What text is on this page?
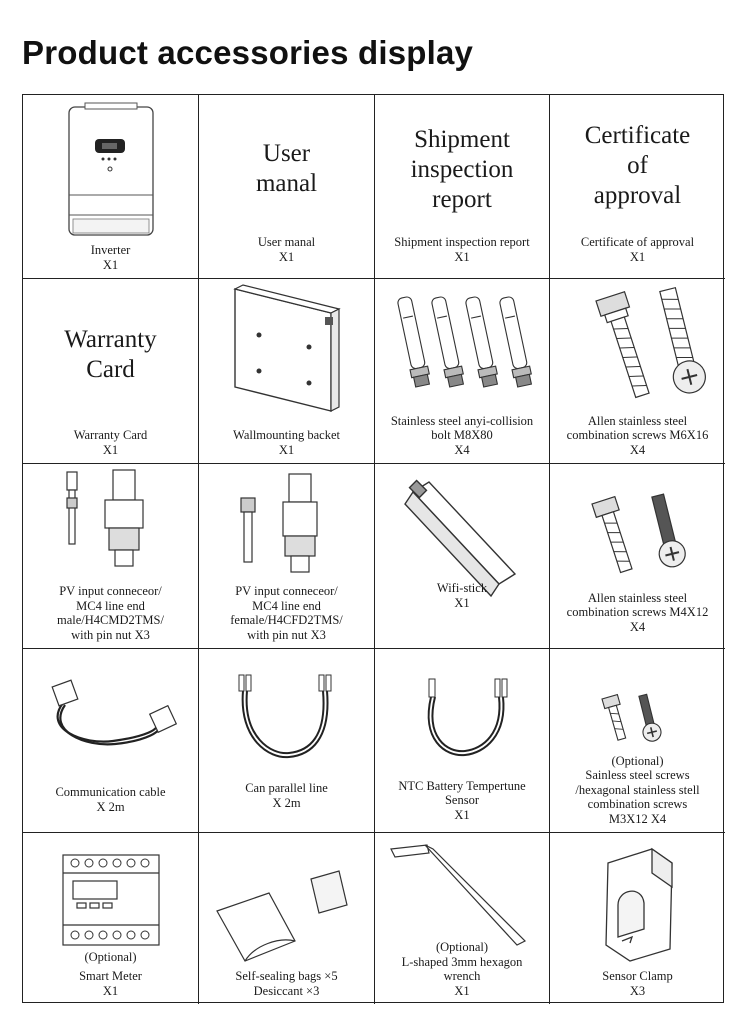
Product accessories display
Inverter
X1
User
manal
User manal
X1
Shipment
inspection
report
Shipment inspection report
X1
Certificate
of
approval
Certificate of approval
X1
Warranty
Card
Warranty Card
X1
Wallmounting backet
X1
Stainless steel anyi-collision
bolt M8X80
X4
Allen stainless steel
combination screws M6X16
X4
PV input conneceor/
MC4 line end
male/H4CMD2TMS/
with pin nut X3
PV input conneceor/
MC4 line end
female/H4CFD2TMS/
with pin nut X3
Wifi-stick
X1	Allen stainless steel
combination screws M4X12
X4
Communication cable
X 2m
Can parallel line
X 2m
NTC Battery Tempertune
Sensor
X1
(Optional)
Sainless steel screws
/hexagonal stainless stell
combination screws
M3X12 X4
(Optional)
Smart Meter
X1
Self-sealing bags ×5
Desiccant ×3
(Optional)
L-shaped 3mm hexagon
wrench
X1
Sensor Clamp
X3
